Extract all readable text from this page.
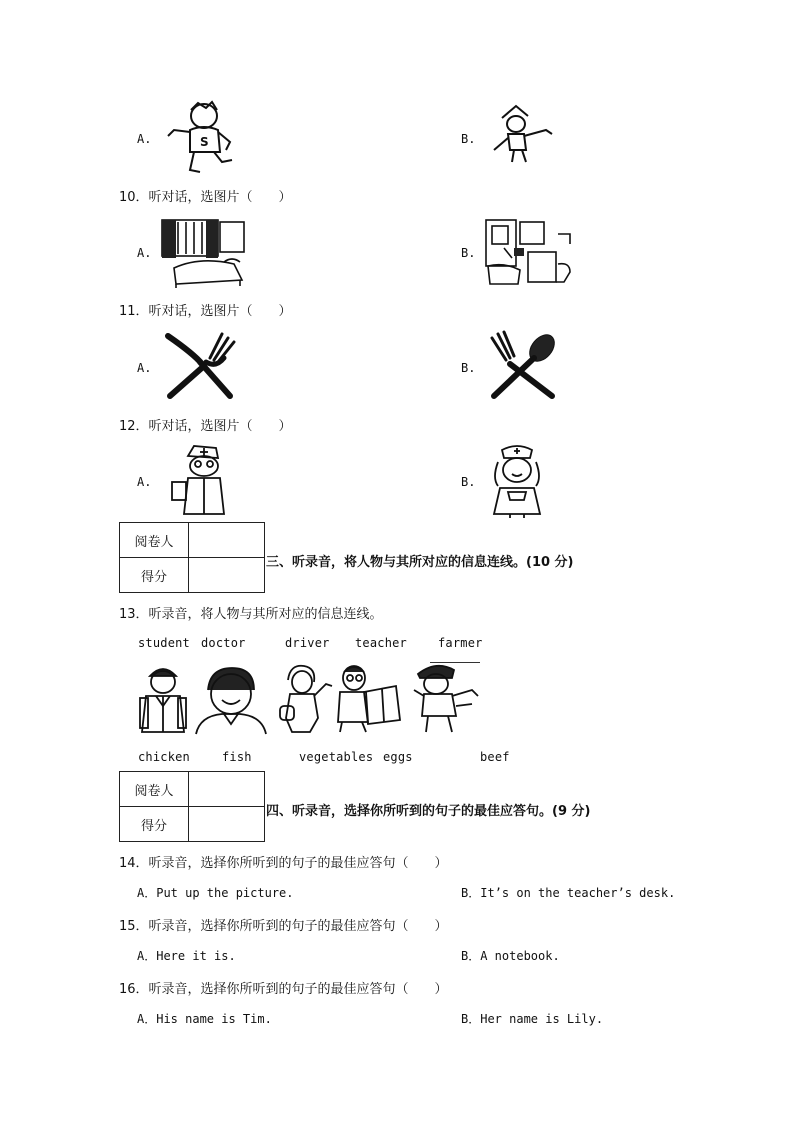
A.	S	B.
10．听对话，选图片（　　）
A.	B.
11．听对话，选图片（　　）
A.	B.
12．听对话，选图片（　　）
A.	B.
阅卷人	
得分	
三、听录音，将人物与其所对应的信息连线。(10 分)
13．听录音，将人物与其所对应的信息连线。
student doctor	driver teacher	farmer
chicken	fish	vegetables eggs	beef
阅卷人	
得分	
四、听录音，选择你所听到的句子的最佳应答句。(9 分)
14．听录音，选择你所听到的句子的最佳应答句（　　）
A．Put up the picture.	B．It’s on the teacher’s desk.
15．听录音，选择你所听到的句子的最佳应答句（　　）
A．Here it is.	B．A notebook.
16．听录音，选择你所听到的句子的最佳应答句（　　）
A．His name is Tim.	B．Her name is Lily.
